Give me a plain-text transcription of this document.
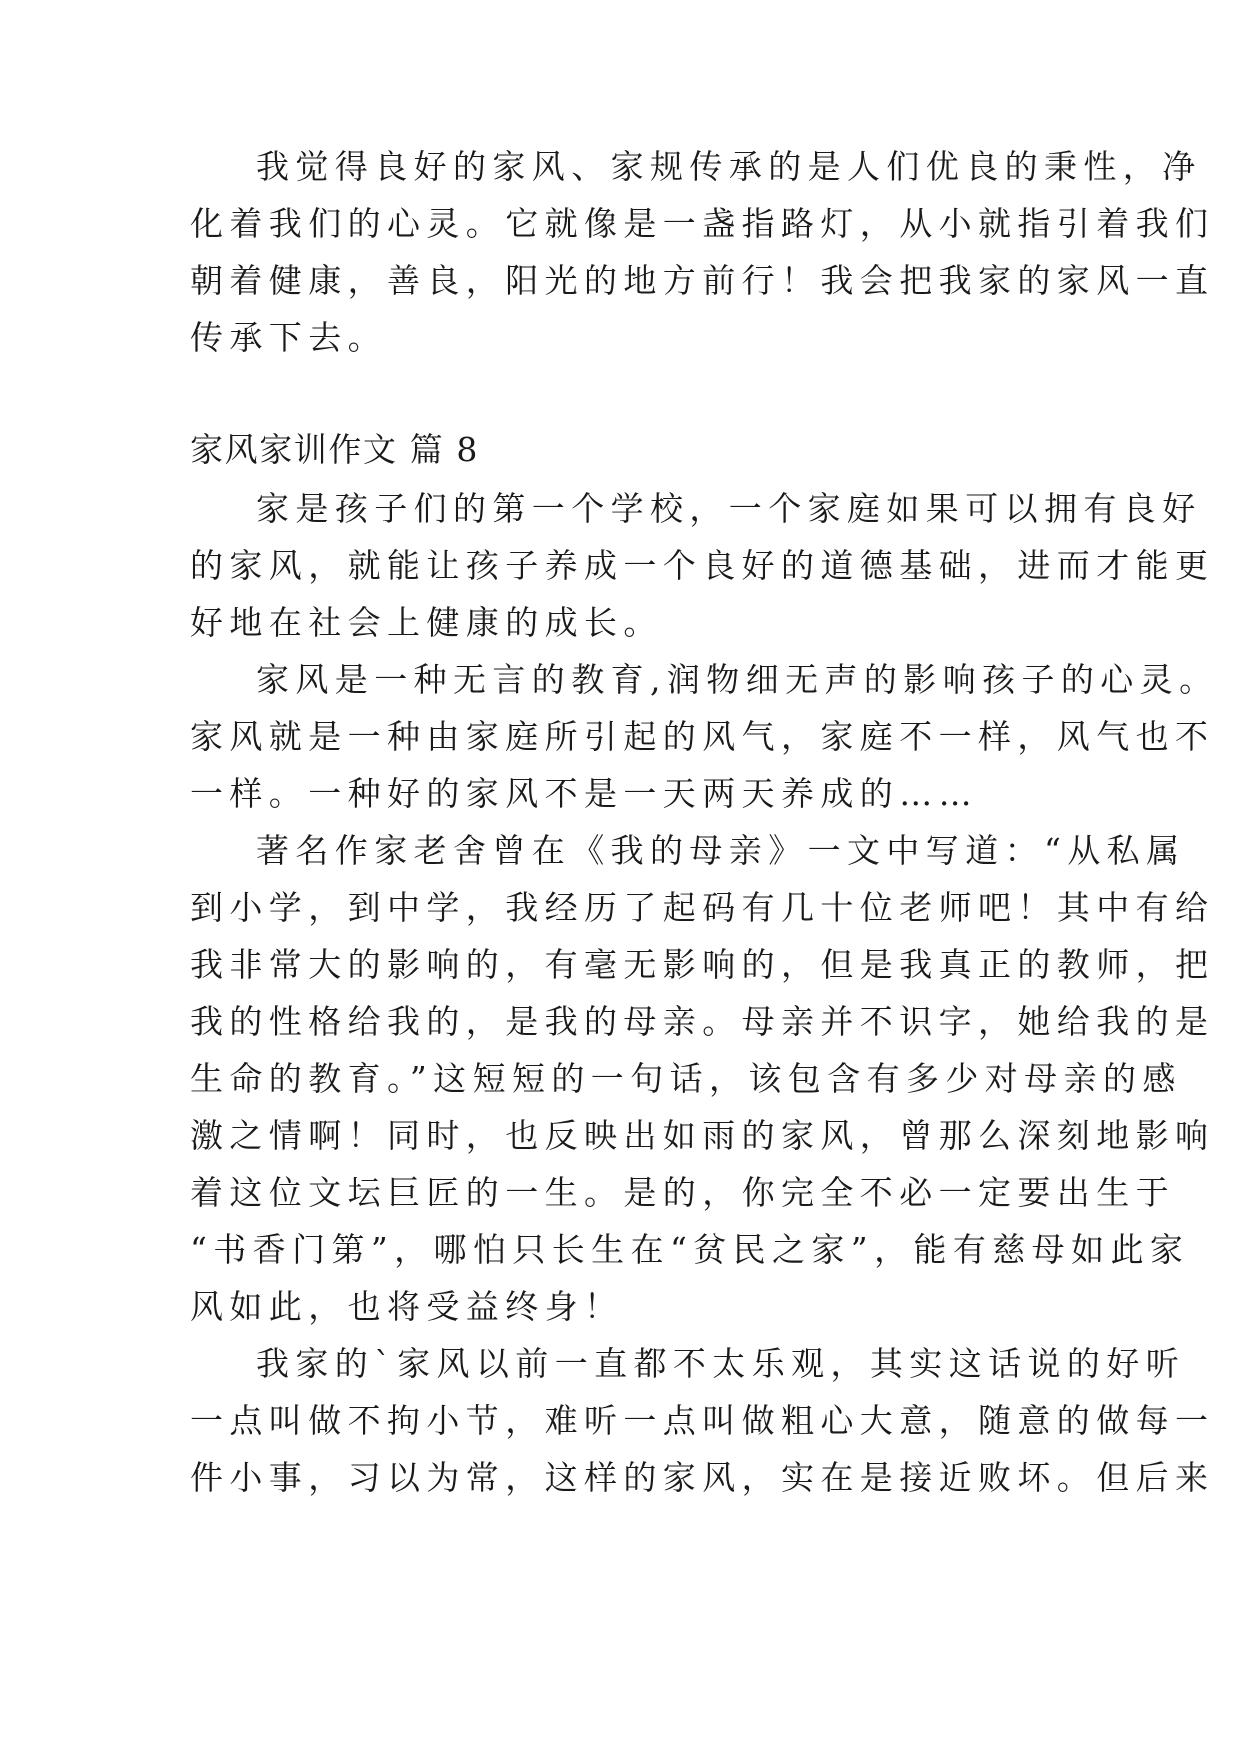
我觉得良好的家风、家规传承的是人们优良的秉性，净

化着我们的心灵。它就像是一盏指路灯，从小就指引着我们

朝着健康，善良，阳光的地方前行！我会把我家的家风一直

传承下去。

家风家训作文 篇 8

家是孩子们的第一个学校，一个家庭如果可以拥有良好

的家风，就能让孩子养成一个良好的道德基础，进而才能更

好地在社会上健康的成长。

家风是一种无言的教育,润物细无声的影响孩子的心灵。

家风就是一种由家庭所引起的风气，家庭不一样，风气也不

一样。一种好的家风不是一天两天养成的……

著名作家老舍曾在《我的母亲》一文中写道：“从私属

到小学，到中学，我经历了起码有几十位老师吧！其中有给

我非常大的影响的，有毫无影响的，但是我真正的教师，把

我的性格给我的，是我的母亲。母亲并不识字，她给我的是

生命的教育。”这短短的一句话，该包含有多少对母亲的感

激之情啊！同时，也反映出如雨的家风，曾那么深刻地影响

着这位文坛巨匠的一生。是的，你完全不必一定要出生于

“书香门第”，哪怕只长生在“贫民之家”，能有慈母如此家

风如此，也将受益终身！

我家的`家风以前一直都不太乐观，其实这话说的好听

一点叫做不拘小节，难听一点叫做粗心大意，随意的做每一

件小事，习以为常，这样的家风，实在是接近败坏。但后来
